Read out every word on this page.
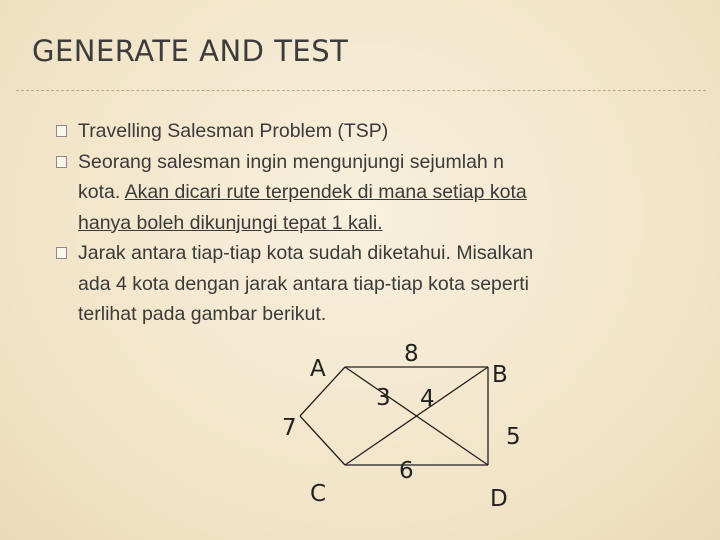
GENERATE AND TEST
Travelling Salesman Problem (TSP)
Seorang salesman ingin mengunjungi sejumlah n
kota. Akan dicari rute terpendek di mana setiap kota
hanya boleh dikunjungi tepat 1 kali.
Jarak antara tiap-tiap kota sudah diketahui. Misalkan
ada 4 kota dengan jarak antara tiap-tiap kota seperti
terlihat pada gambar berikut.
A	B
C	D
8
3 4
7	5
6
